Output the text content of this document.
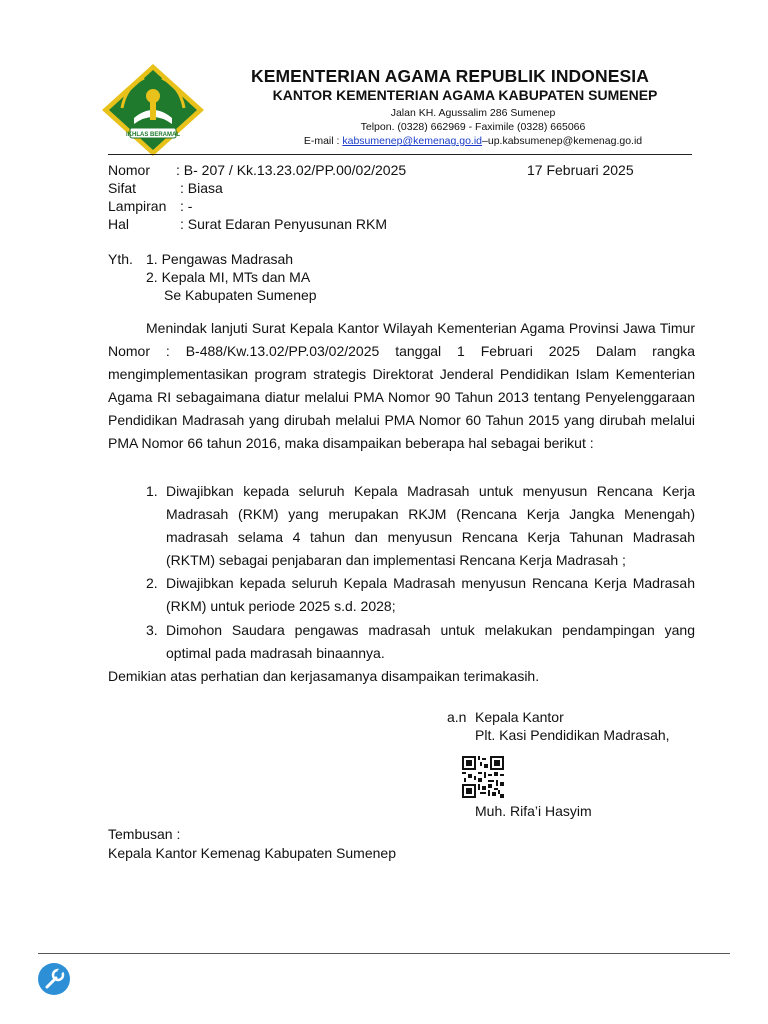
IKHLAS BERAMAL
KEMENTERIAN AGAMA REPUBLIK INDONESIA
KANTOR KEMENTERIAN AGAMA KABUPATEN SUMENEP
Jalan KH. Agussalim 286 Sumenep
Telpon. (0328) 662969 - Faximile (0328) 665066
E-mail : kabsumenep@kemenag.go.id–up.kabsumenep@kemenag.go.id
Nomor : B- 207 / Kk.13.23.02/PP.00/02/2025	17 Februari 2025
Sifat	: Biasa
Lampiran : -
Hal	: Surat Edaran Penyusunan RKM
Yth. 1. Pengawas Madrasah
2. Kepala MI, MTs dan MA
Se Kabupaten Sumenep
Menindak lanjuti Surat Kepala Kantor Wilayah Kementerian Agama Provinsi Jawa Timur Nomor : B-488/Kw.13.02/PP.03/02/2025 tanggal 1 Februari 2025 Dalam rangka mengimplementasikan program strategis Direktorat Jenderal Pendidikan Islam Kementerian Agama RI sebagaimana diatur melalui PMA Nomor 90 Tahun 2013 tentang Penyelenggaraan Pendidikan Madrasah yang dirubah melalui PMA Nomor 60 Tahun 2015 yang dirubah melalui PMA Nomor 66 tahun 2016, maka disampaikan beberapa hal sebagai berikut :
1. Diwajibkan kepada seluruh Kepala Madrasah untuk menyusun Rencana Kerja Madrasah (RKM) yang merupakan RKJM (Rencana Kerja Jangka Menengah) madrasah selama 4 tahun dan menyusun Rencana Kerja Tahunan Madrasah (RKTM) sebagai penjabaran dan implementasi Rencana Kerja Madrasah ;
2. Diwajibkan kepada seluruh Kepala Madrasah menyusun Rencana Kerja Madrasah (RKM) untuk periode 2025 s.d. 2028;
3. Dimohon Saudara pengawas madrasah untuk melakukan pendampingan yang optimal pada madrasah binaannya.
Demikian atas perhatian dan kerjasamanya disampaikan terimakasih.
a.n Kepala Kantor
Plt. Kasi Pendidikan Madrasah,
Muh. Rifa’i Hasyim
Tembusan :
Kepala Kantor Kemenag Kabupaten Sumenep
